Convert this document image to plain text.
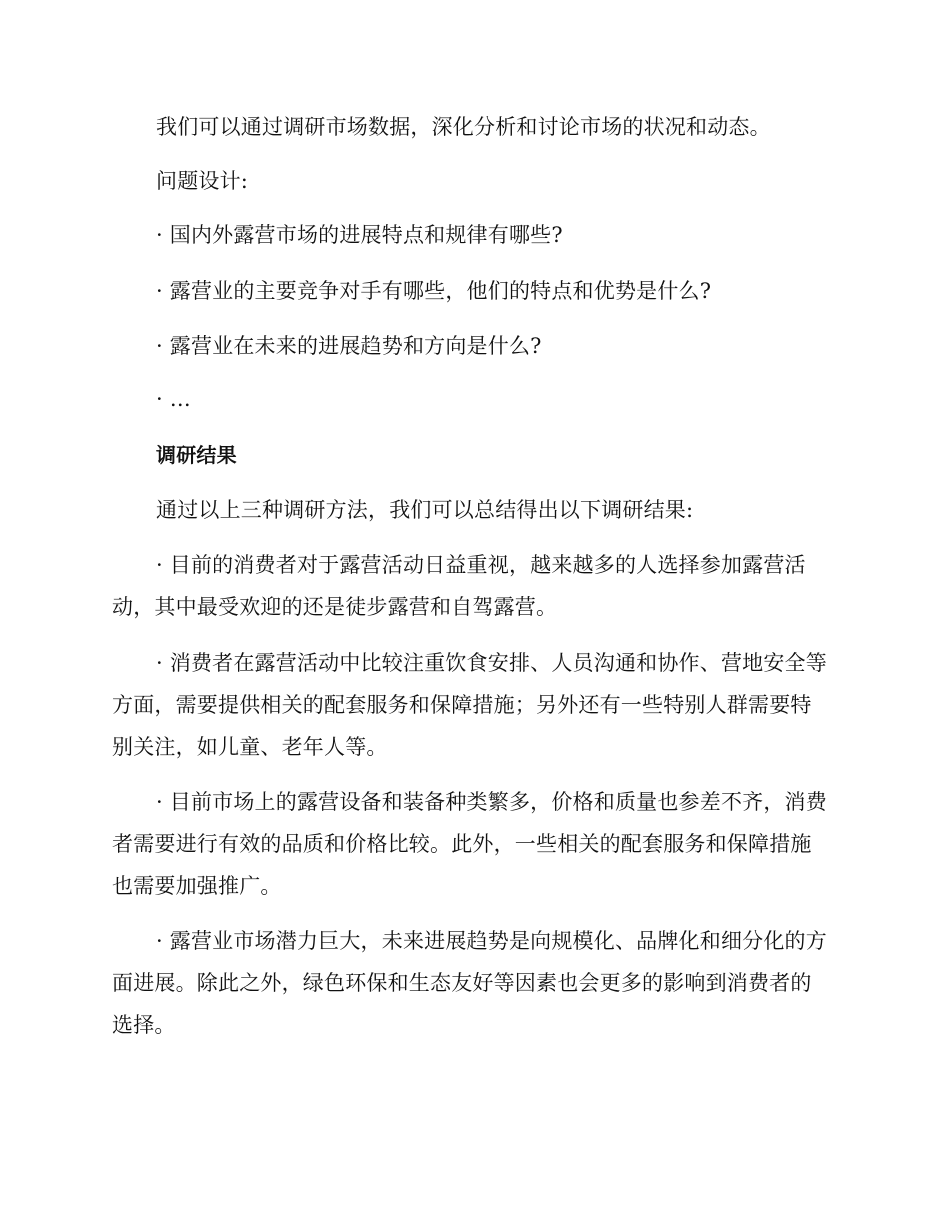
我们可以通过调研市场数据，深化分析和讨论市场的状况和动态。
问题设计:
· 国内外露营市场的进展特点和规律有哪些?
· 露营业的主要竞争对手有哪些，他们的特点和优势是什么?
· 露营业在未来的进展趋势和方向是什么?
· …
调研结果
通过以上三种调研方法，我们可以总结得出以下调研结果:
· 目前的消费者对于露营活动日益重视，越来越多的人选择参加露营活动，其中最受欢迎的还是徒步露营和自驾露营。
· 消费者在露营活动中比较注重饮食安排、人员沟通和协作、营地安全等方面，需要提供相关的配套服务和保障措施；另外还有一些特别人群需要特别关注，如儿童、老年人等。
· 目前市场上的露营设备和装备种类繁多，价格和质量也参差不齐，消费者需要进行有效的品质和价格比较。此外，一些相关的配套服务和保障措施也需要加强推广。
· 露营业市场潜力巨大，未来进展趋势是向规模化、品牌化和细分化的方面进展。除此之外，绿色环保和生态友好等因素也会更多的影响到消费者的选择。
